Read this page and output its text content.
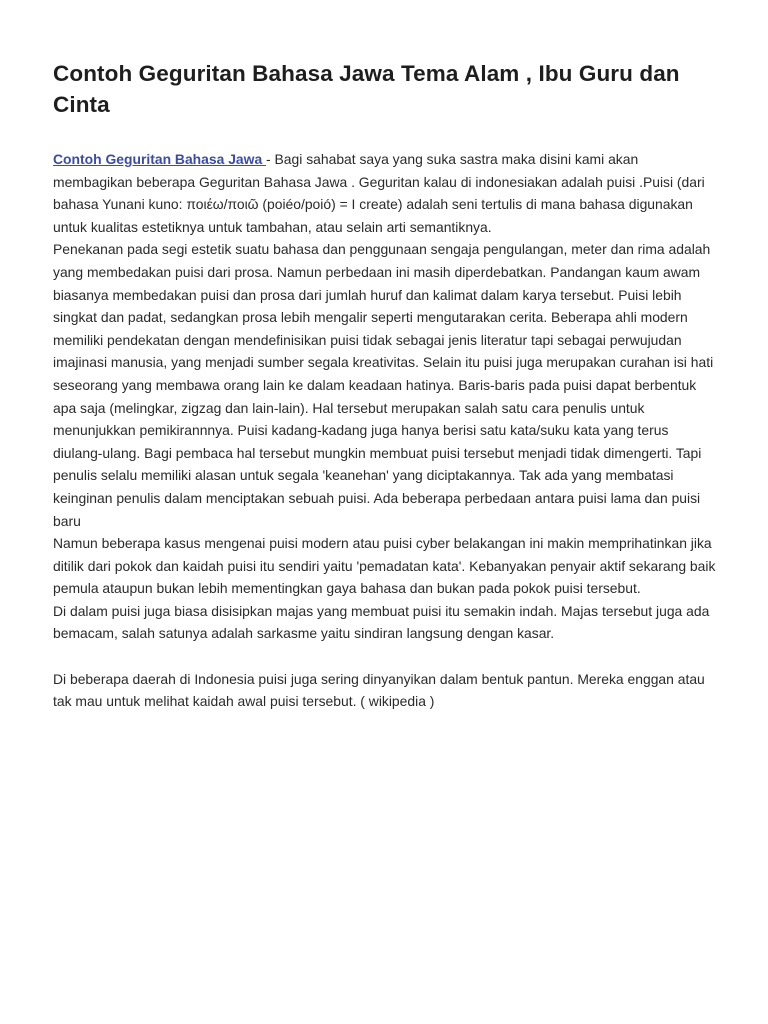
Contoh Geguritan Bahasa Jawa Tema Alam , Ibu Guru dan Cinta

Contoh Geguritan Bahasa Jawa - Bagi sahabat saya yang suka sastra maka disini kami akan membagikan beberapa Geguritan Bahasa Jawa . Geguritan kalau di indonesiakan adalah puisi .Puisi (dari bahasa Yunani kuno: ποιέω/ποιῶ (poiéo/poió) = I create) adalah seni tertulis di mana bahasa digunakan untuk kualitas estetiknya untuk tambahan, atau selain arti semantiknya.

Penekanan pada segi estetik suatu bahasa dan penggunaan sengaja pengulangan, meter dan rima adalah yang membedakan puisi dari prosa. Namun perbedaan ini masih diperdebatkan. Pandangan kaum awam biasanya membedakan puisi dan prosa dari jumlah huruf dan kalimat dalam karya tersebut. Puisi lebih singkat dan padat, sedangkan prosa lebih mengalir seperti mengutarakan cerita. Beberapa ahli modern memiliki pendekatan dengan mendefinisikan puisi tidak sebagai jenis literatur tapi sebagai perwujudan imajinasi manusia, yang menjadi sumber segala kreativitas. Selain itu puisi juga merupakan curahan isi hati seseorang yang membawa orang lain ke dalam keadaan hatinya. Baris-baris pada puisi dapat berbentuk apa saja (melingkar, zigzag dan lain-lain). Hal tersebut merupakan salah satu cara penulis untuk menunjukkan pemikirannnya. Puisi kadang-kadang juga hanya berisi satu kata/suku kata yang terus diulang-ulang. Bagi pembaca hal tersebut mungkin membuat puisi tersebut menjadi tidak dimengerti. Tapi penulis selalu memiliki alasan untuk segala 'keanehan' yang diciptakannya. Tak ada yang membatasi keinginan penulis dalam menciptakan sebuah puisi. Ada beberapa perbedaan antara puisi lama dan puisi baru

Namun beberapa kasus mengenai puisi modern atau puisi cyber belakangan ini makin memprihatinkan jika ditilik dari pokok dan kaidah puisi itu sendiri yaitu 'pemadatan kata'. Kebanyakan penyair aktif sekarang baik pemula ataupun bukan lebih mementingkan gaya bahasa dan bukan pada pokok puisi tersebut.

Di dalam puisi juga biasa disisipkan majas yang membuat puisi itu semakin indah. Majas tersebut juga ada bemacam, salah satunya adalah sarkasme yaitu sindiran langsung dengan kasar.

Di beberapa daerah di Indonesia puisi juga sering dinyanyikan dalam bentuk pantun. Mereka enggan atau tak mau untuk melihat kaidah awal puisi tersebut. ( wikipedia )
